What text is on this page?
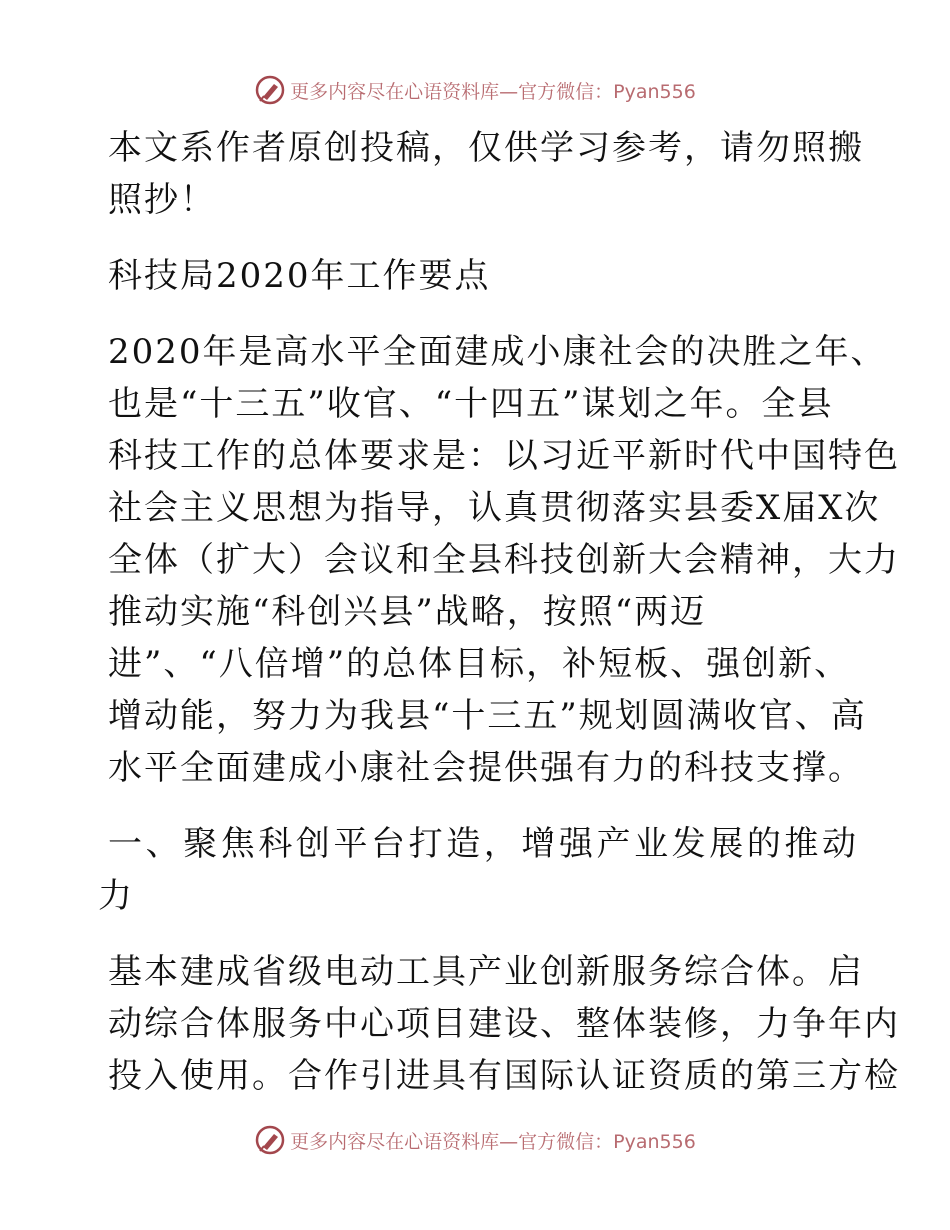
更多内容尽在心语资料库—官方微信：Pyan556

本文系作者原创投稿，仅供学习参考，请勿照搬
照抄！

科技局2020年工作要点

2020年是高水平全面建成小康社会的决胜之年、
也是“十三五”收官、“十四五”谋划之年。全县
科技工作的总体要求是：以习近平新时代中国特色
社会主义思想为指导，认真贯彻落实县委X届X次
全体（扩大）会议和全县科技创新大会精神，大力
推动实施“科创兴县”战略，按照“两迈
进”、“八倍增”的总体目标，补短板、强创新、
增动能，努力为我县“十三五”规划圆满收官、高
水平全面建成小康社会提供强有力的科技支撑。

一、聚焦科创平台打造，增强产业发展的推动力

基本建成省级电动工具产业创新服务综合体。启
动综合体服务中心项目建设、整体装修，力争年内
投入使用。合作引进具有国际认证资质的第三方检

更多内容尽在心语资料库—官方微信：Pyan556
